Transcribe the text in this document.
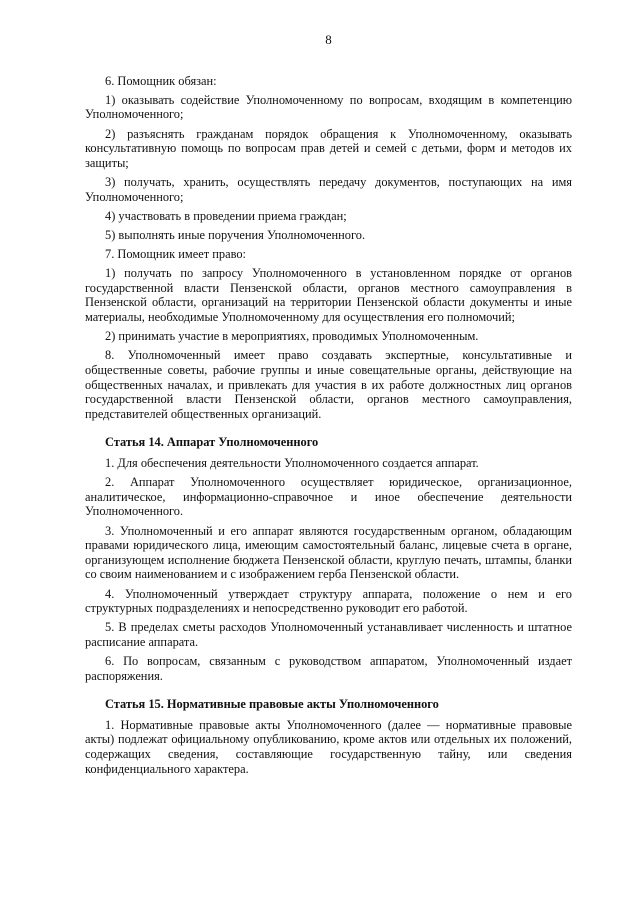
8

6. Помощник обязан:

1) оказывать содействие Уполномоченному по вопросам, входящим в компетенцию Уполномоченного;

2) разъяснять гражданам порядок обращения к Уполномоченному, оказывать консультативную помощь по вопросам прав детей и семей с детьми, форм и методов их защиты;

3) получать, хранить, осуществлять передачу документов, поступающих на имя Уполномоченного;

4) участвовать в проведении приема граждан;

5) выполнять иные поручения Уполномоченного.

7. Помощник имеет право:

1) получать по запросу Уполномоченного в установленном порядке от органов государственной власти Пензенской области, органов местного самоуправления в Пензенской области, организаций на территории Пензенской области документы и иные материалы, необходимые Уполномоченному для осуществления его полномочий;

2) принимать участие в мероприятиях, проводимых Уполномоченным.

8. Уполномоченный имеет право создавать экспертные, консультативные и общественные советы, рабочие группы и иные совещательные органы, действующие на общественных началах, и привлекать для участия в их работе должностных лиц органов государственной власти Пензенской области, органов местного самоуправления, представителей общественных организаций.

Статья 14. Аппарат Уполномоченного

1. Для обеспечения деятельности Уполномоченного создается аппарат.

2. Аппарат Уполномоченного осуществляет юридическое, организационное, аналитическое, информационно-справочное и иное обеспечение деятельности Уполномоченного.

3. Уполномоченный и его аппарат являются государственным органом, обладающим правами юридического лица, имеющим самостоятельный баланс, лицевые счета в органе, организующем исполнение бюджета Пензенской области, круглую печать, штампы, бланки со своим наименованием и с изображением герба Пензенской области.

4. Уполномоченный утверждает структуру аппарата, положение о нем и его структурных подразделениях и непосредственно руководит его работой.

5. В пределах сметы расходов Уполномоченный устанавливает численность и штатное расписание аппарата.

6. По вопросам, связанным с руководством аппаратом, Уполномоченный издает распоряжения.

Статья 15. Нормативные правовые акты Уполномоченного

1. Нормативные правовые акты Уполномоченного (далее — нормативные правовые акты) подлежат официальному опубликованию, кроме актов или отдельных их положений, содержащих сведения, составляющие государственную тайну, или сведения конфиденциального характера.
